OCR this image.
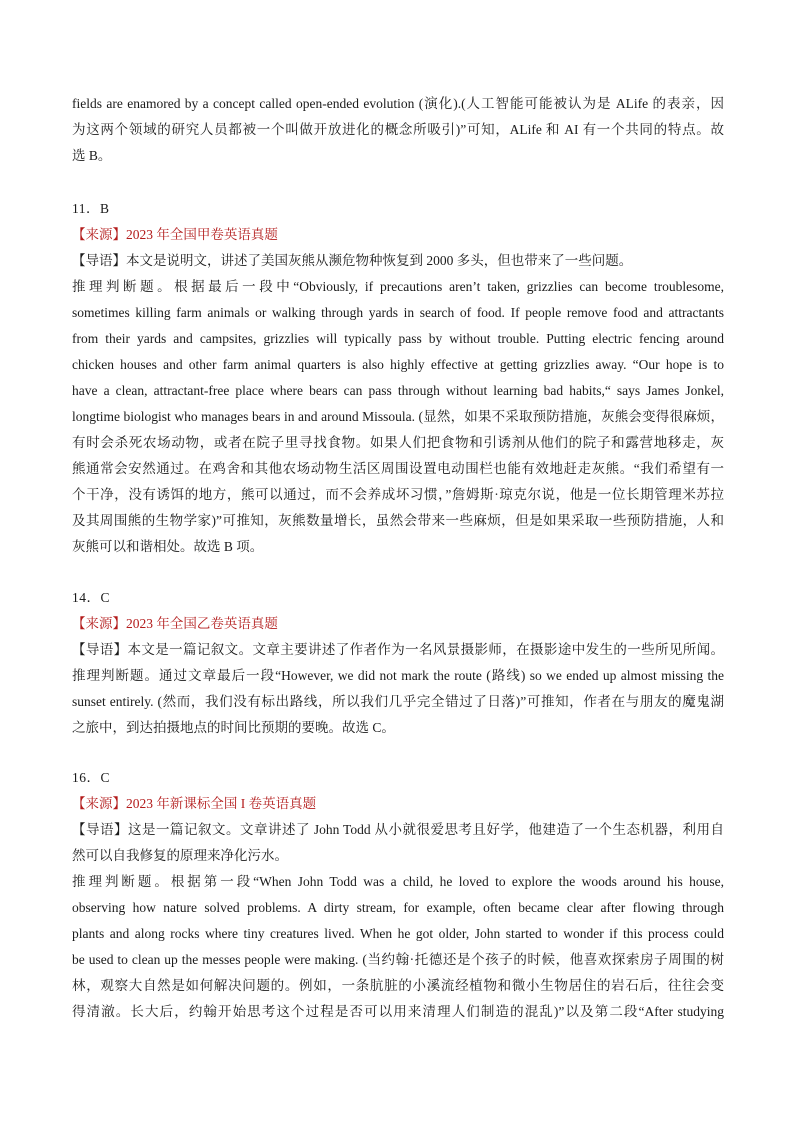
fields are enamored by a concept called open-ended evolution (演化).(人工智能可能被认为是 ALife 的表亲，因
为这两个领域的研究人员都被一个叫做开放进化的概念所吸引)”可知，ALife 和 AI 有一个共同的特点。故
选 B。
11．B
【来源】2023 年全国甲卷英语真题
【导语】本文是说明文，讲述了美国灰熊从濒危物种恢复到 2000 多头，但也带来了一些问题。
推理判断题。根据最后一段中“Obviously, if precautions aren’t taken, grizzlies can become troublesome,
sometimes killing farm animals or walking through yards in search of food. If people remove food and attractants
from their yards and campsites, grizzlies will typically pass by without trouble. Putting electric fencing around
chicken houses and other farm animal quarters is also highly effective at getting grizzlies away. “Our hope is to
have a clean, attractant-free place where bears can pass through without learning bad habits,“ says James Jonkel,
longtime biologist who manages bears in and around Missoula. (显然，如果不采取预防措施，灰熊会变得很麻烦，
有时会杀死农场动物，或者在院子里寻找食物。如果人们把食物和引诱剂从他们的院子和露营地移走，灰
熊通常会安然通过。在鸡舍和其他农场动物生活区周围设置电动围栏也能有效地赶走灰熊。“我们希望有一
个干净，没有诱饵的地方，熊可以通过，而不会养成坏习惯，”詹姆斯·琼克尔说，他是一位长期管理米苏拉
及其周围熊的生物学家)”可推知，灰熊数量增长，虽然会带来一些麻烦，但是如果采取一些预防措施，人和
灰熊可以和谐相处。故选 B 项。
14．C
【来源】2023 年全国乙卷英语真题
【导语】本文是一篇记叙文。文章主要讲述了作者作为一名风景摄影师，在摄影途中发生的一些所见所闻。
推理判断题。通过文章最后一段“However, we did not mark the route (路线) so we ended up almost missing the
sunset entirely. (然而，我们没有标出路线，所以我们几乎完全错过了日落)”可推知，作者在与朋友的魔鬼湖
之旅中，到达拍摄地点的时间比预期的要晚。故选 C。
16．C
【来源】2023 年新课标全国 I 卷英语真题
【导语】这是一篇记叙文。文章讲述了 John Todd 从小就很爱思考且好学，他建造了一个生态机器，利用自
然可以自我修复的原理来净化污水。
推理判断题。根据第一段“When John Todd was a child, he loved to explore the woods around his house,
observing how nature solved problems. A dirty stream, for example, often became clear after flowing through
plants and along rocks where tiny creatures lived. When he got older, John started to wonder if this process could
be used to clean up the messes people were making. (当约翰·托德还是个孩子的时候，他喜欢探索房子周围的树
林，观察大自然是如何解决问题的。例如，一条肮脏的小溪流经植物和微小生物居住的岩石后，往往会变
得清澈。长大后，约翰开始思考这个过程是否可以用来清理人们制造的混乱)”以及第二段“After studying
